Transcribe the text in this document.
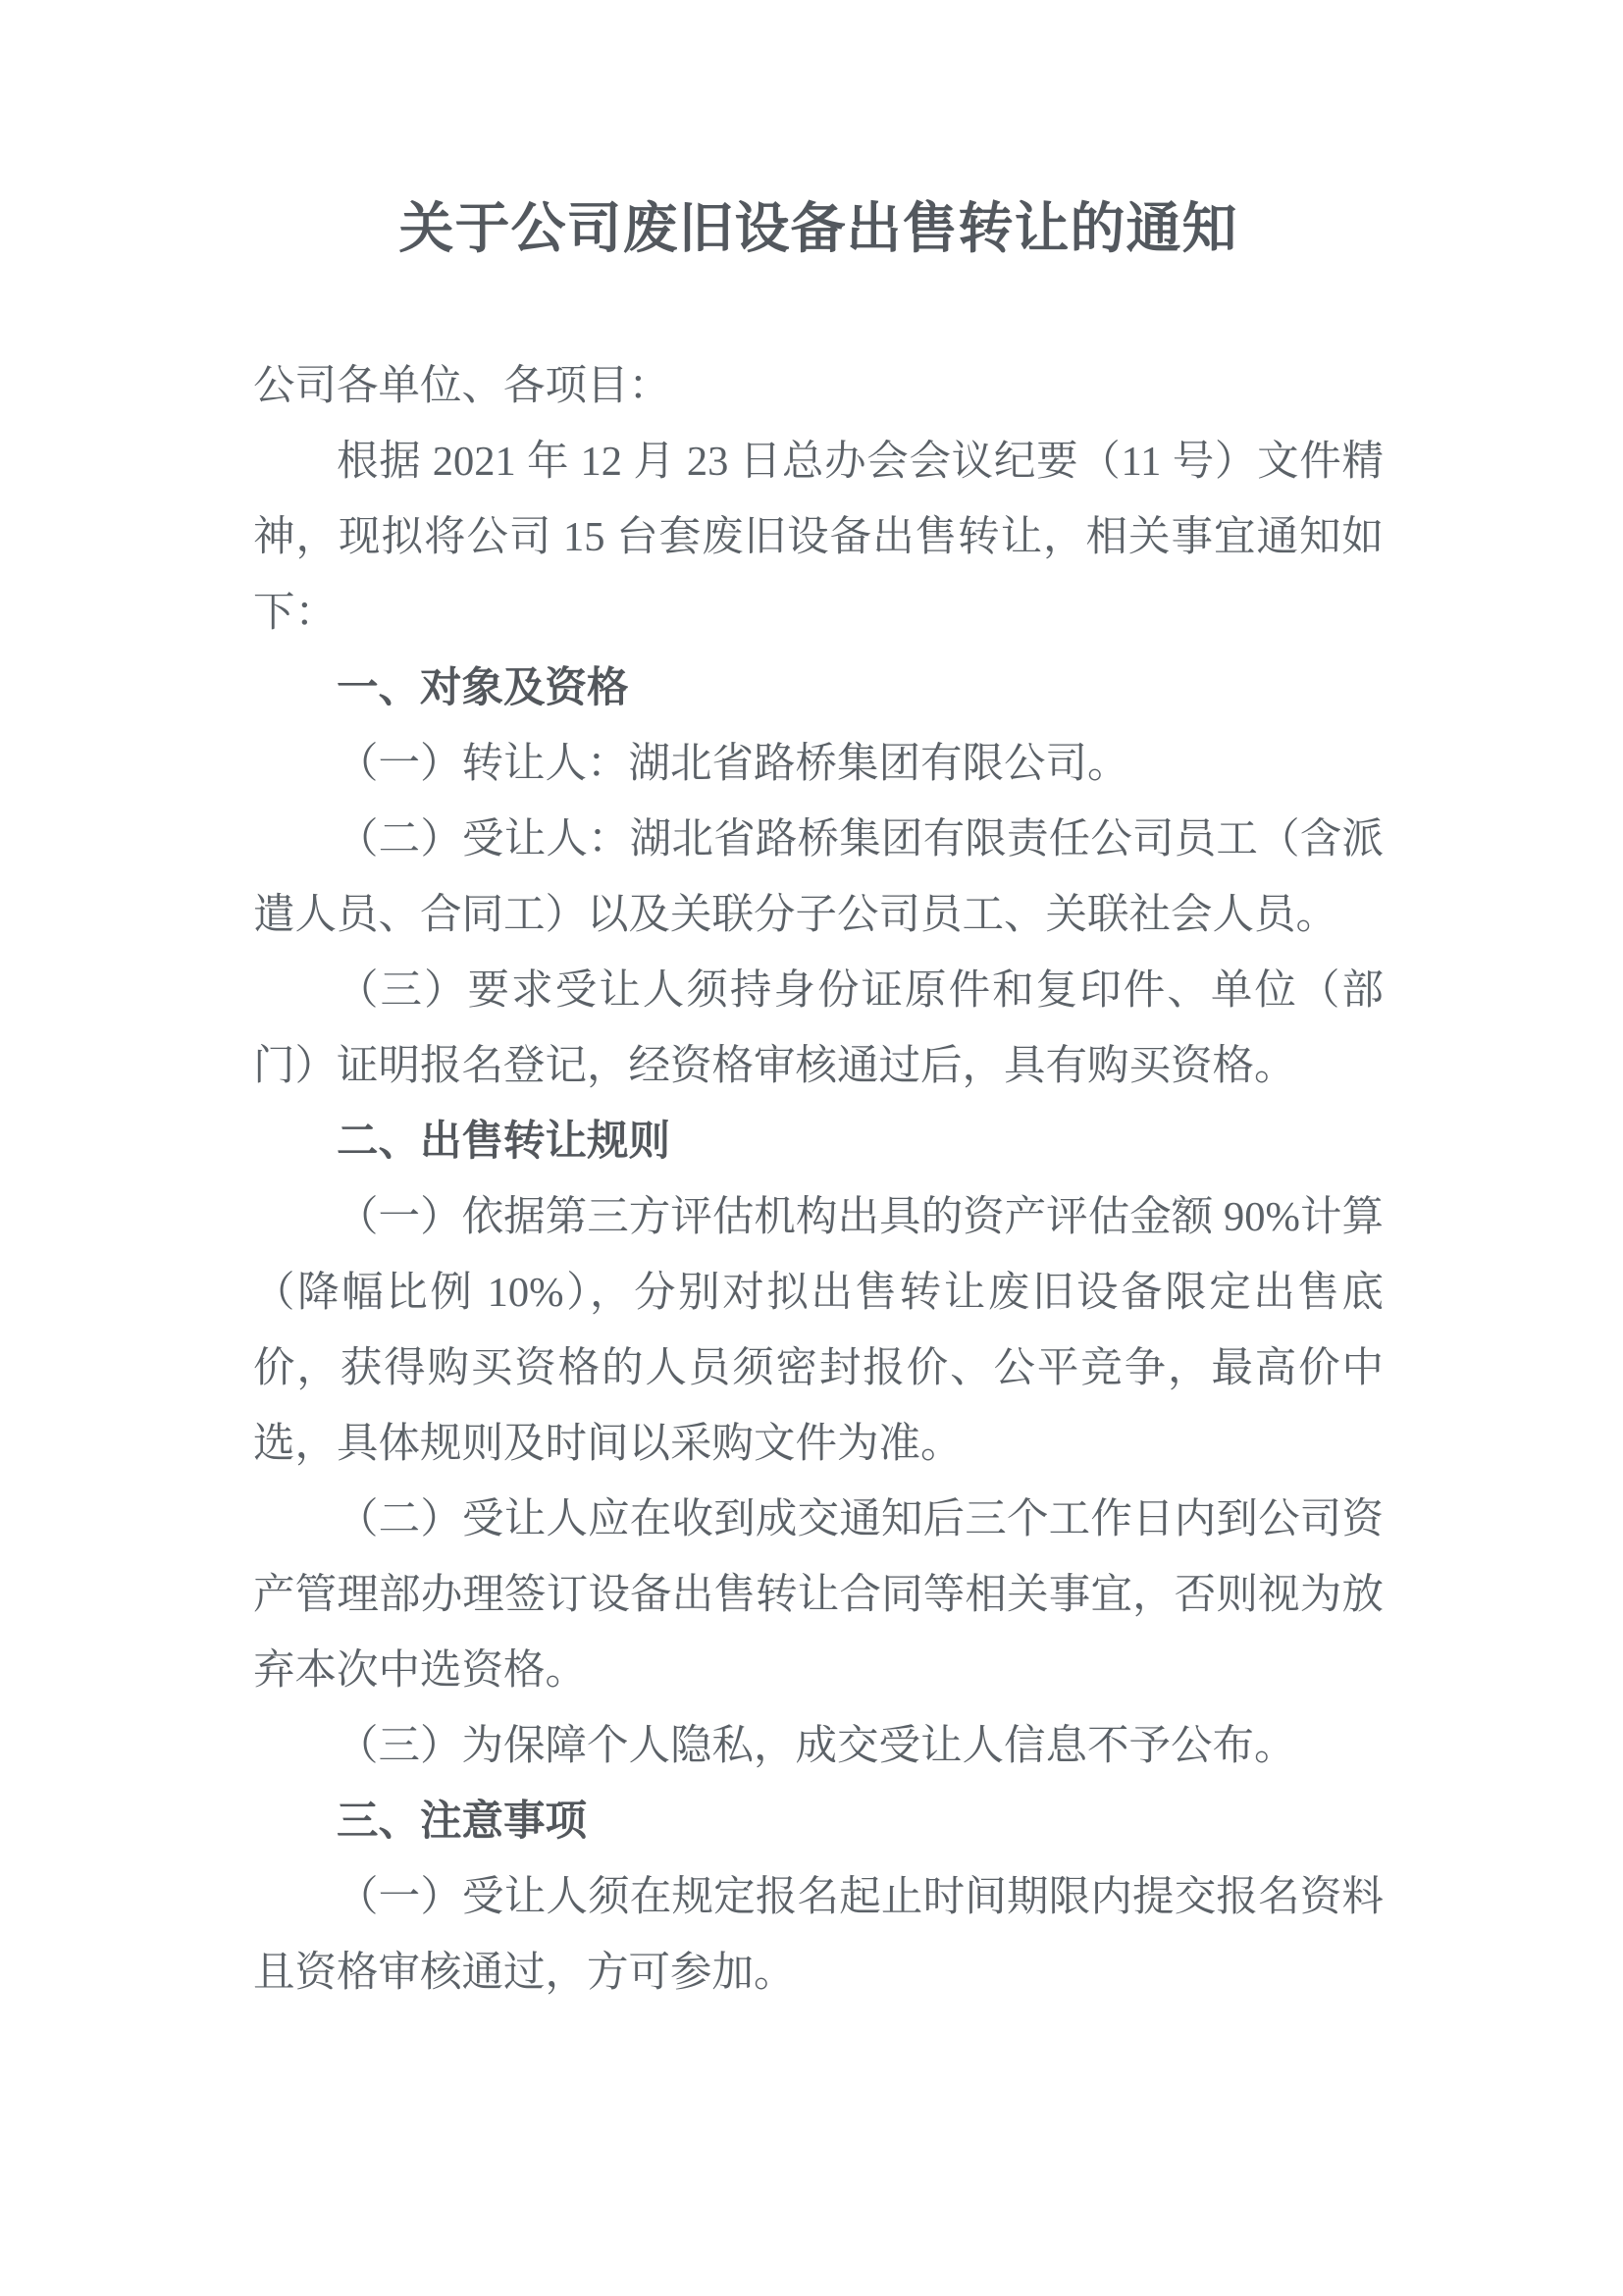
关于公司废旧设备出售转让的通知

公司各单位、各项目：

根据 2021 年 12 月 23 日总办会会议纪要（11 号）文件精神，现拟将公司 15 台套废旧设备出售转让，相关事宜通知如下：

一、对象及资格

（一）转让人：湖北省路桥集团有限公司。

（二）受让人：湖北省路桥集团有限责任公司员工（含派遣人员、合同工）以及关联分子公司员工、关联社会人员。

（三）要求受让人须持身份证原件和复印件、单位（部门）证明报名登记，经资格审核通过后，具有购买资格。

二、出售转让规则

（一）依据第三方评估机构出具的资产评估金额 90%计算（降幅比例 10%），分别对拟出售转让废旧设备限定出售底价，获得购买资格的人员须密封报价、公平竞争，最高价中选，具体规则及时间以采购文件为准。

（二）受让人应在收到成交通知后三个工作日内到公司资产管理部办理签订设备出售转让合同等相关事宜，否则视为放弃本次中选资格。

（三）为保障个人隐私，成交受让人信息不予公布。

三、注意事项

（一）受让人须在规定报名起止时间期限内提交报名资料且资格审核通过，方可参加。
